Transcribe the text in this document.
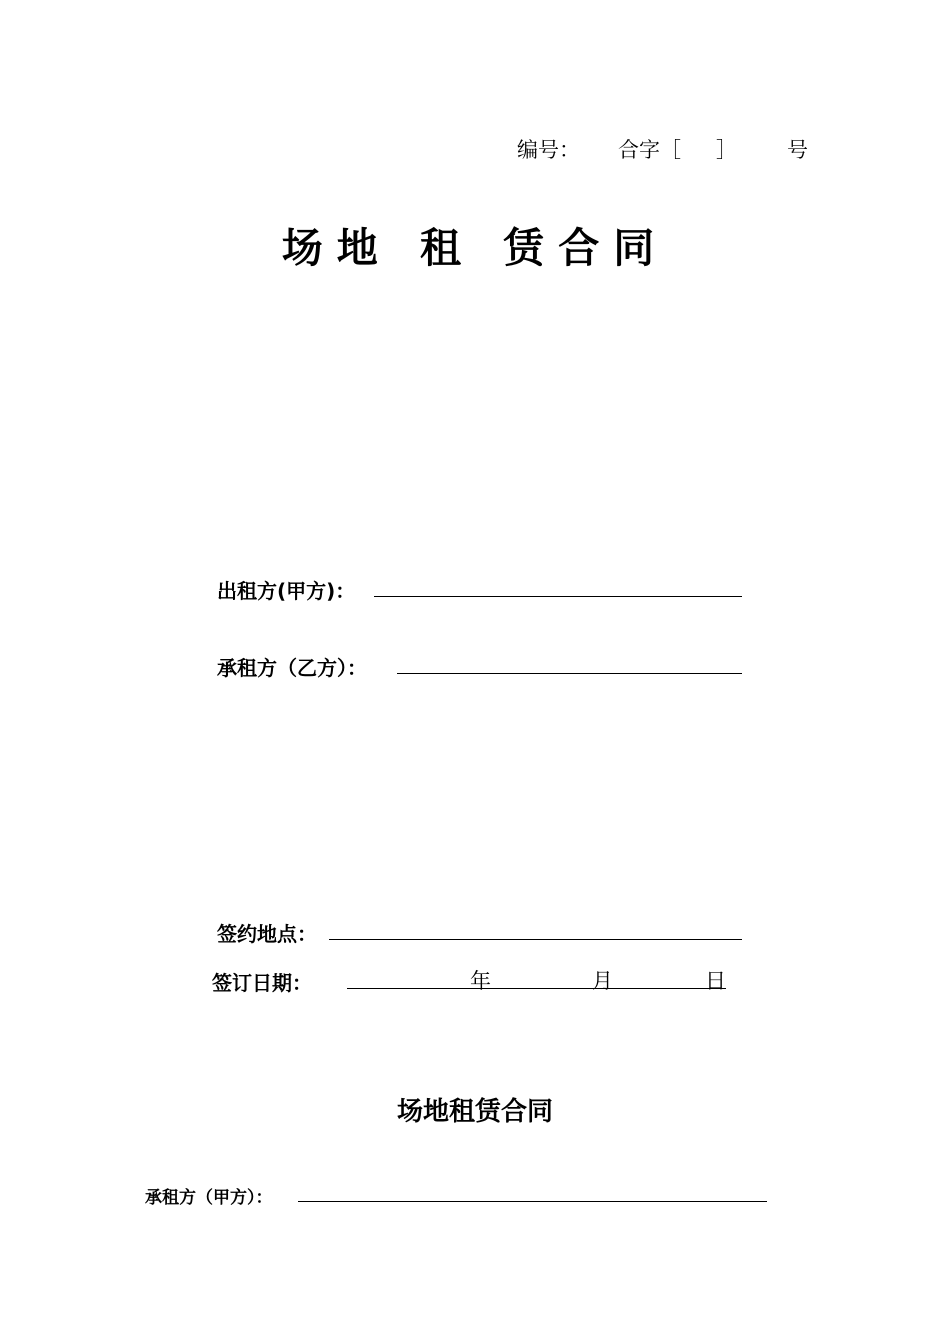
编号： 合字［ ］ 号
场地 租 赁合同
出租方(甲方)：
承租方（乙方）：
签约地点：
签订日期：	年	月	日
场地租赁合同
承租方（甲方）：
